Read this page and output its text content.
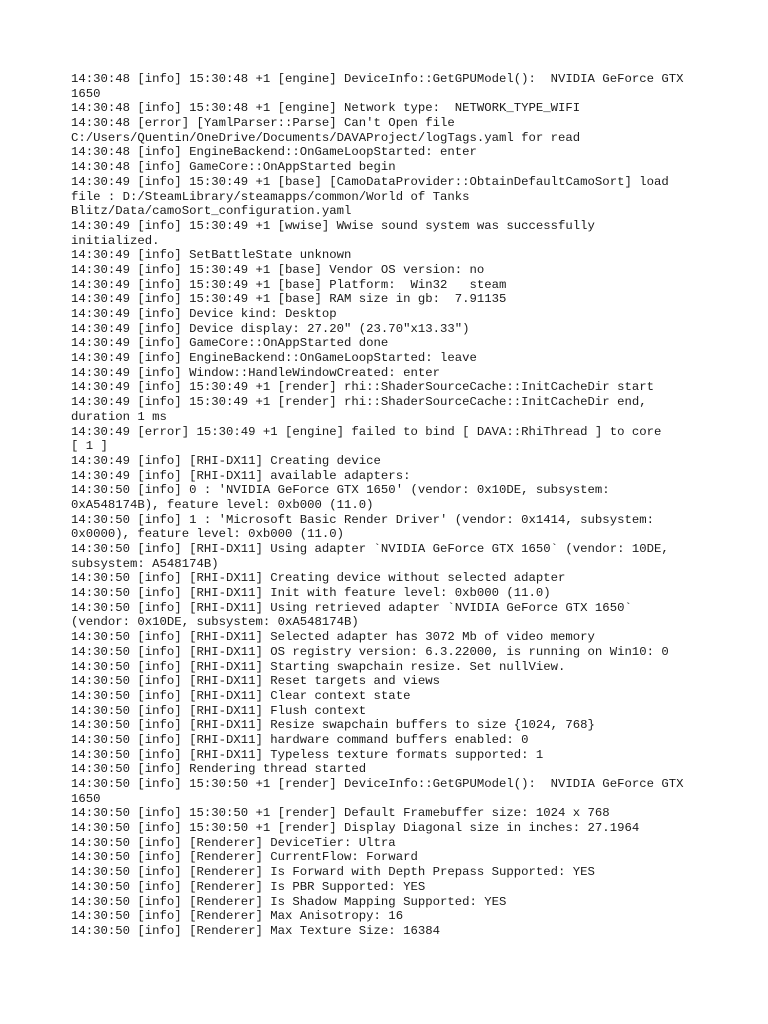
14:30:48 [info] 15:30:48 +1 [engine] DeviceInfo::GetGPUModel():  NVIDIA GeForce GTX
1650
14:30:48 [info] 15:30:48 +1 [engine] Network type:  NETWORK_TYPE_WIFI
14:30:48 [error] [YamlParser::Parse] Can't Open file
C:/Users/Quentin/OneDrive/Documents/DAVAProject/logTags.yaml for read
14:30:48 [info] EngineBackend::OnGameLoopStarted: enter
14:30:48 [info] GameCore::OnAppStarted begin
14:30:49 [info] 15:30:49 +1 [base] [CamoDataProvider::ObtainDefaultCamoSort] load
file : D:/SteamLibrary/steamapps/common/World of Tanks
Blitz/Data/camoSort_configuration.yaml
14:30:49 [info] 15:30:49 +1 [wwise] Wwise sound system was successfully
initialized.
14:30:49 [info] SetBattleState unknown
14:30:49 [info] 15:30:49 +1 [base] Vendor OS version: no
14:30:49 [info] 15:30:49 +1 [base] Platform:  Win32   steam
14:30:49 [info] 15:30:49 +1 [base] RAM size in gb:  7.91135
14:30:49 [info] Device kind: Desktop
14:30:49 [info] Device display: 27.20" (23.70"x13.33")
14:30:49 [info] GameCore::OnAppStarted done
14:30:49 [info] EngineBackend::OnGameLoopStarted: leave
14:30:49 [info] Window::HandleWindowCreated: enter
14:30:49 [info] 15:30:49 +1 [render] rhi::ShaderSourceCache::InitCacheDir start
14:30:49 [info] 15:30:49 +1 [render] rhi::ShaderSourceCache::InitCacheDir end,
duration 1 ms
14:30:49 [error] 15:30:49 +1 [engine] failed to bind [ DAVA::RhiThread ] to core
[ 1 ]
14:30:49 [info] [RHI-DX11] Creating device
14:30:49 [info] [RHI-DX11] available adapters:
14:30:50 [info] 0 : 'NVIDIA GeForce GTX 1650' (vendor: 0x10DE, subsystem:
0xA548174B), feature level: 0xb000 (11.0)
14:30:50 [info] 1 : 'Microsoft Basic Render Driver' (vendor: 0x1414, subsystem:
0x0000), feature level: 0xb000 (11.0)
14:30:50 [info] [RHI-DX11] Using adapter `NVIDIA GeForce GTX 1650` (vendor: 10DE,
subsystem: A548174B)
14:30:50 [info] [RHI-DX11] Creating device without selected adapter
14:30:50 [info] [RHI-DX11] Init with feature level: 0xb000 (11.0)
14:30:50 [info] [RHI-DX11] Using retrieved adapter `NVIDIA GeForce GTX 1650`
(vendor: 0x10DE, subsystem: 0xA548174B)
14:30:50 [info] [RHI-DX11] Selected adapter has 3072 Mb of video memory
14:30:50 [info] [RHI-DX11] OS registry version: 6.3.22000, is running on Win10: 0
14:30:50 [info] [RHI-DX11] Starting swapchain resize. Set nullView.
14:30:50 [info] [RHI-DX11] Reset targets and views
14:30:50 [info] [RHI-DX11] Clear context state
14:30:50 [info] [RHI-DX11] Flush context
14:30:50 [info] [RHI-DX11] Resize swapchain buffers to size {1024, 768}
14:30:50 [info] [RHI-DX11] hardware command buffers enabled: 0
14:30:50 [info] [RHI-DX11] Typeless texture formats supported: 1
14:30:50 [info] Rendering thread started
14:30:50 [info] 15:30:50 +1 [render] DeviceInfo::GetGPUModel():  NVIDIA GeForce GTX
1650
14:30:50 [info] 15:30:50 +1 [render] Default Framebuffer size: 1024 x 768
14:30:50 [info] 15:30:50 +1 [render] Display Diagonal size in inches: 27.1964
14:30:50 [info] [Renderer] DeviceTier: Ultra
14:30:50 [info] [Renderer] CurrentFlow: Forward
14:30:50 [info] [Renderer] Is Forward with Depth Prepass Supported: YES
14:30:50 [info] [Renderer] Is PBR Supported: YES
14:30:50 [info] [Renderer] Is Shadow Mapping Supported: YES
14:30:50 [info] [Renderer] Max Anisotropy: 16
14:30:50 [info] [Renderer] Max Texture Size: 16384
